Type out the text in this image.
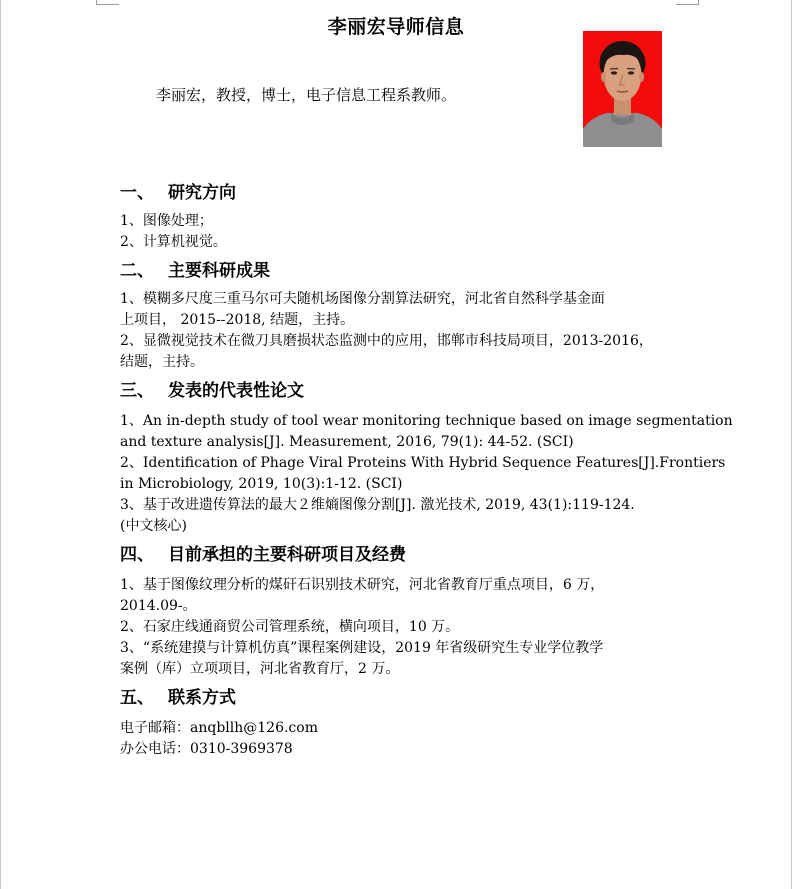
李丽宏导师信息
李丽宏，教授，博士，电子信息工程系教师。
一、 研究方向
1、图像处理；
2、计算机视觉。
二、 主要科研成果
1、模糊多尺度三重马尔可夫随机场图像分割算法研究，河北省自然科学基金面
上项目， 2015--2018, 结题，主持。
2、显微视觉技术在微刀具磨损状态监测中的应用，邯郸市科技局项目，2013-2016，
结题，主持。
三、 发表的代表性论文
1、An in-depth study of tool wear monitoring technique based on image segmentation
and texture analysis[J]. Measurement, 2016, 79(1): 44-52. (SCI)
2、Identification of Phage Viral Proteins With Hybrid Sequence Features[J].Frontiers
in Microbiology, 2019, 10(3):1-12. (SCI)
3、基于改进遗传算法的最大２维熵图像分割[J]. 激光技术, 2019, 43(1):119-124.
(中文核心)
四、 目前承担的主要科研项目及经费
1、基于图像纹理分析的煤矸石识别技术研究，河北省教育厅重点项目，6 万，
2014.09-。
2、石家庄线通商贸公司管理系统，横向项目，10 万。
3、“系统建摸与计算机仿真”课程案例建设，2019 年省级研究生专业学位教学
案例（库）立项项目，河北省教育厅，2 万。
五、 联系方式
电子邮箱：anqbllh@126.com
办公电话：0310-3969378
